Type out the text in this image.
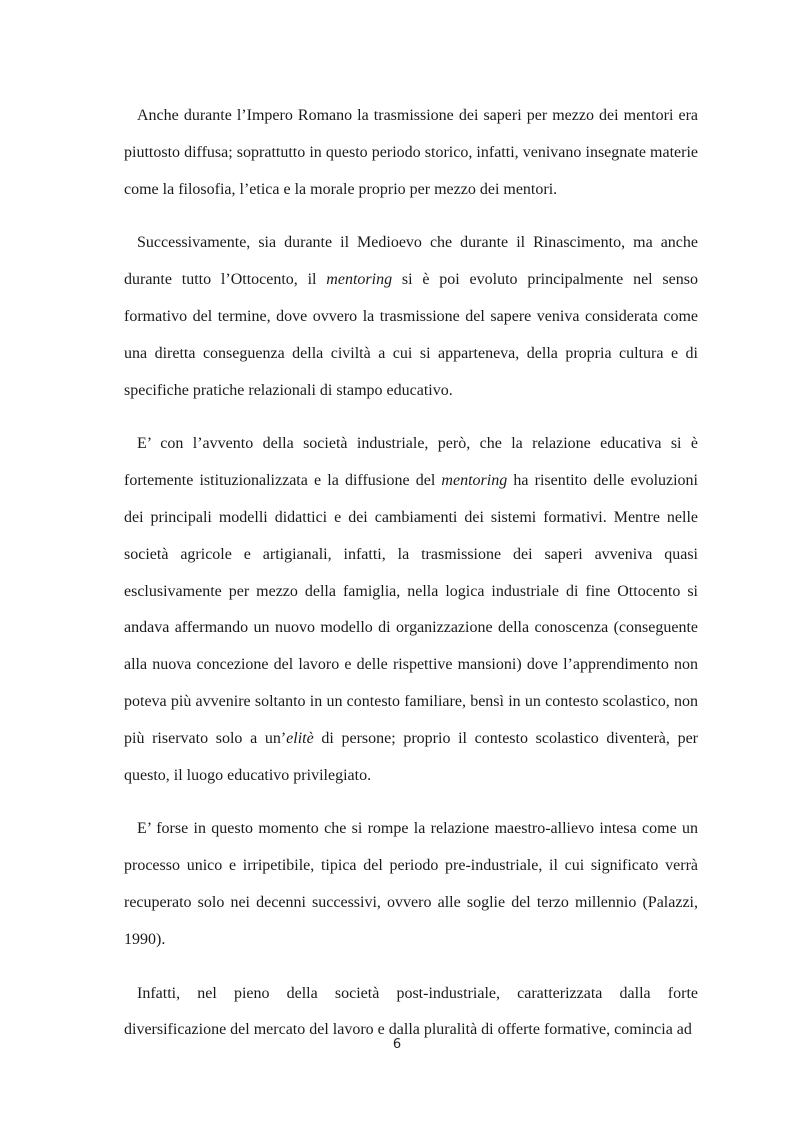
Anche durante l’Impero Romano la trasmissione dei saperi per mezzo dei mentori era piuttosto diffusa; soprattutto in questo periodo storico, infatti, venivano insegnate materie come la filosofia, l’etica e la morale proprio per mezzo dei mentori.

Successivamente, sia durante il Medioevo che durante il Rinascimento, ma anche durante tutto l’Ottocento, il mentoring si è poi evoluto principalmente nel senso formativo del termine, dove ovvero la trasmissione del sapere veniva considerata come una diretta conseguenza della civiltà a cui si apparteneva, della propria cultura e di specifiche pratiche relazionali di stampo educativo.

E’ con l’avvento della società industriale, però, che la relazione educativa si è fortemente istituzionalizzata e la diffusione del mentoring ha risentito delle evoluzioni dei principali modelli didattici e dei cambiamenti dei sistemi formativi. Mentre nelle società agricole e artigianali, infatti, la trasmissione dei saperi avveniva quasi esclusivamente per mezzo della famiglia, nella logica industriale di fine Ottocento si andava affermando un nuovo modello di organizzazione della conoscenza (conseguente alla nuova concezione del lavoro e delle rispettive mansioni) dove l’apprendimento non poteva più avvenire soltanto in un contesto familiare, bensì in un contesto scolastico, non più riservato solo a un’elitè di persone; proprio il contesto scolastico diventerà, per questo, il luogo educativo privilegiato.

E’ forse in questo momento che si rompe la relazione maestro-allievo intesa come un processo unico e irripetibile, tipica del periodo pre-industriale, il cui significato verrà recuperato solo nei decenni successivi, ovvero alle soglie del terzo millennio (Palazzi, 1990).

Infatti, nel pieno della società post-industriale, caratterizzata dalla forte diversificazione del mercato del lavoro e dalla pluralità di offerte formative, comincia ad

6
